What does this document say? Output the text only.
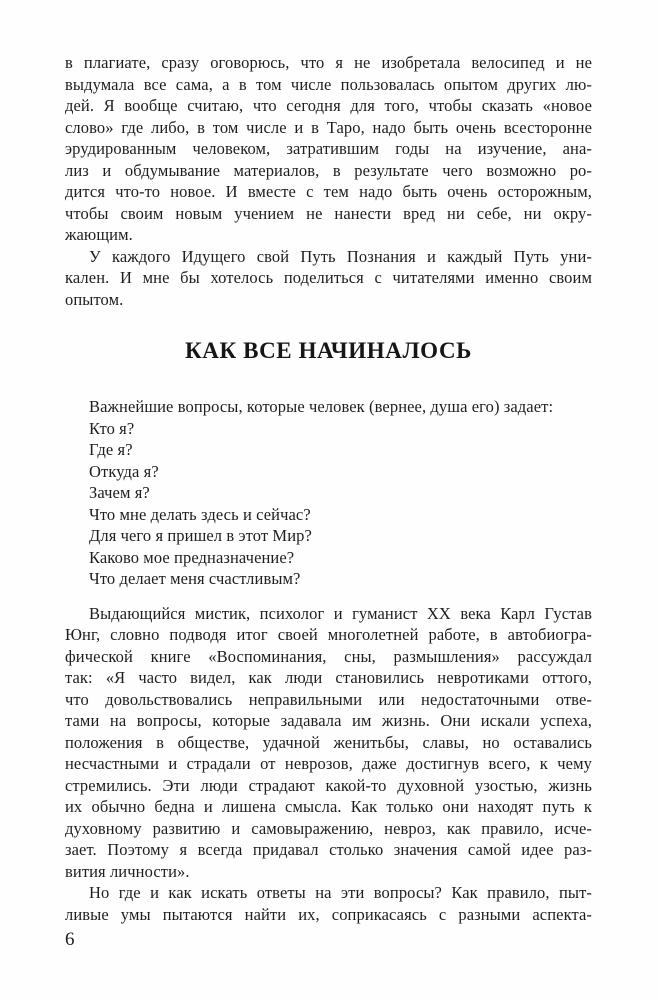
в плагиате, сразу оговорюсь, что я не изобретала велосипед и не
выдумала все сама, а в том числе пользовалась опытом других лю-
дей. Я вообще считаю, что сегодня для того, чтобы сказать «новое
слово» где либо, в том числе и в Таро, надо быть очень всесторонне
эрудированным человеком, затратившим годы на изучение, ана-
лиз и обдумывание материалов, в результате чего возможно ро-
дится что-то новое. И вместе с тем надо быть очень осторожным,
чтобы своим новым учением не нанести вред ни себе, ни окру-
жающим.
У каждого Идущего свой Путь Познания и каждый Путь уни-
кален. И мне бы хотелось поделиться с читателями именно своим
опытом.
КАК ВСЕ НАЧИНАЛОСЬ
Важнейшие вопросы, которые человек (вернее, душа его) задает:
Кто я?
Где я?
Откуда я?
Зачем я?
Что мне делать здесь и сейчас?
Для чего я пришел в этот Мир?
Каково мое предназначение?
Что делает меня счастливым?
Выдающийся мистик, психолог и гуманист XX века Карл Густав
Юнг, словно подводя итог своей многолетней работе, в автобиогра-
фической книге «Воспоминания, сны, размышления» рассуждал
так: «Я часто видел, как люди становились невротиками оттого,
что довольствовались неправильными или недостаточными отве-
тами на вопросы, которые задавала им жизнь. Они искали успеха,
положения в обществе, удачной женитьбы, славы, но оставались
несчастными и страдали от неврозов, даже достигнув всего, к чему
стремились. Эти люди страдают какой-то духовной узостью, жизнь
их обычно бедна и лишена смысла. Как только они находят путь к
духовному развитию и самовыражению, невроз, как правило, исче-
зает. Поэтому я всегда придавал столько значения самой идее раз-
вития личности».
Но где и как искать ответы на эти вопросы? Как правило, пыт-
ливые умы пытаются найти их, соприкасаясь с разными аспекта-
6
